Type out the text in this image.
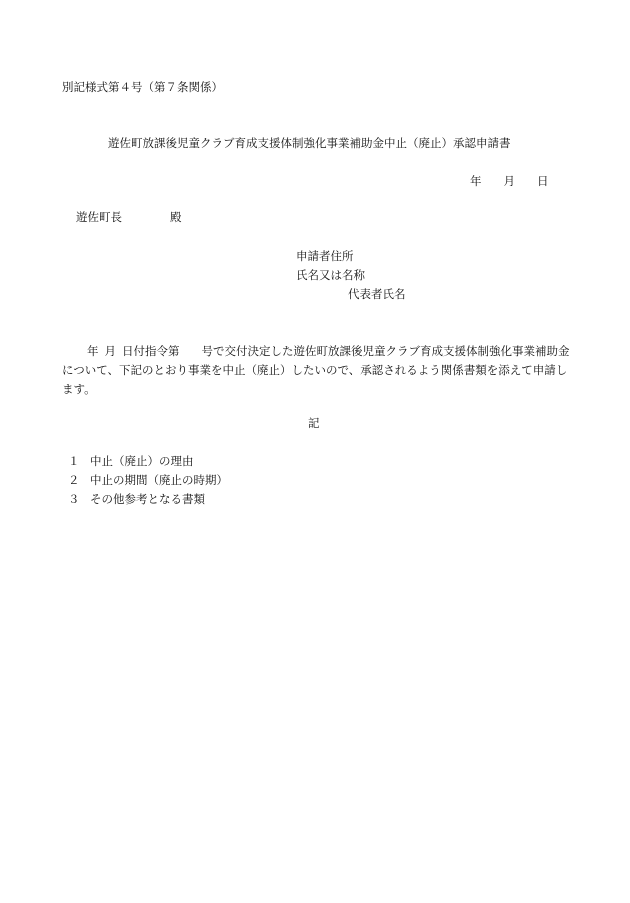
別記様式第４号（第７条関係）
遊佐町放課後児童クラブ育成支援体制強化事業補助金中止（廃止）承認申請書
年 月 日
遊佐町長	殿
申請者住所
氏名又は名称
代表者氏名
年 月 日付指令第 号で交付決定した遊佐町放課後児童クラブ育成支援体制強化事業補助金について、下記のとおり事業を中止（廃止）したいので、承認されるよう関係書類を添えて申請します。
記
１ 中止（廃止）の理由
２ 中止の期間（廃止の時期）
３ その他参考となる書類
